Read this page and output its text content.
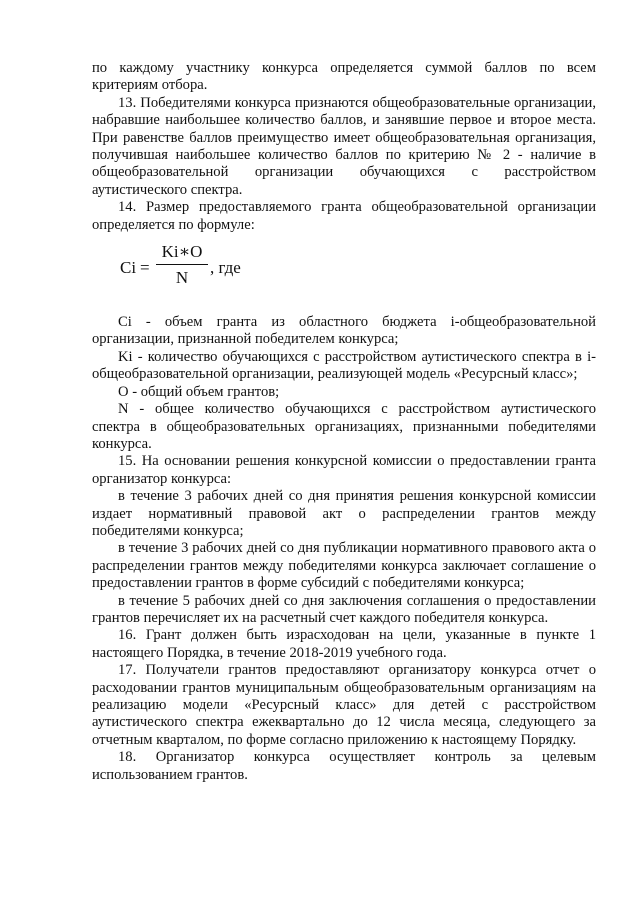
по каждому участнику конкурса определяется суммой баллов по всем критериям отбора.

13. Победителями конкурса признаются общеобразовательные организации, набравшие наибольшее количество баллов, и занявшие первое и второе места. При равенстве баллов преимущество имеет общеобразовательная организация, получившая наибольшее количество баллов по критерию № 2 - наличие в общеобразовательной организации обучающихся с расстройством аутистического спектра.

14. Размер предоставляемого гранта общеобразовательной организации определяется по формуле:

Ci =
Ki∗O
N
, где

Ci - объем гранта из областного бюджета i-общеобразовательной организации, признанной победителем конкурса;

Ki - количество обучающихся с расстройством аутистического спектра в i-общеобразовательной организации, реализующей модель «Ресурсный класс»;

O - общий объем грантов;

N - общее количество обучающихся с расстройством аутистического спектра в общеобразовательных организациях, признанными победителями конкурса.

15. На основании решения конкурсной комиссии о предоставлении гранта организатор конкурса:

в течение 3 рабочих дней со дня принятия решения конкурсной комиссии издает нормативный правовой акт о распределении грантов между победителями конкурса;

в течение 3 рабочих дней со дня публикации нормативного правового акта о распределении грантов между победителями конкурса заключает соглашение о предоставлении грантов в форме субсидий с победителями конкурса;

в течение 5 рабочих дней со дня заключения соглашения о предоставлении грантов перечисляет их на расчетный счет каждого победителя конкурса.

16. Грант должен быть израсходован на цели, указанные в пункте 1 настоящего Порядка, в течение 2018-2019 учебного года.

17. Получатели грантов предоставляют организатору конкурса отчет о расходовании грантов муниципальным общеобразовательным организациям на реализацию модели «Ресурсный класс» для детей с расстройством аутистического спектра ежеквартально до 12 числа месяца, следующего за отчетным кварталом, по форме согласно приложению к настоящему Порядку.

18. Организатор конкурса осуществляет контроль за целевым использованием грантов.
